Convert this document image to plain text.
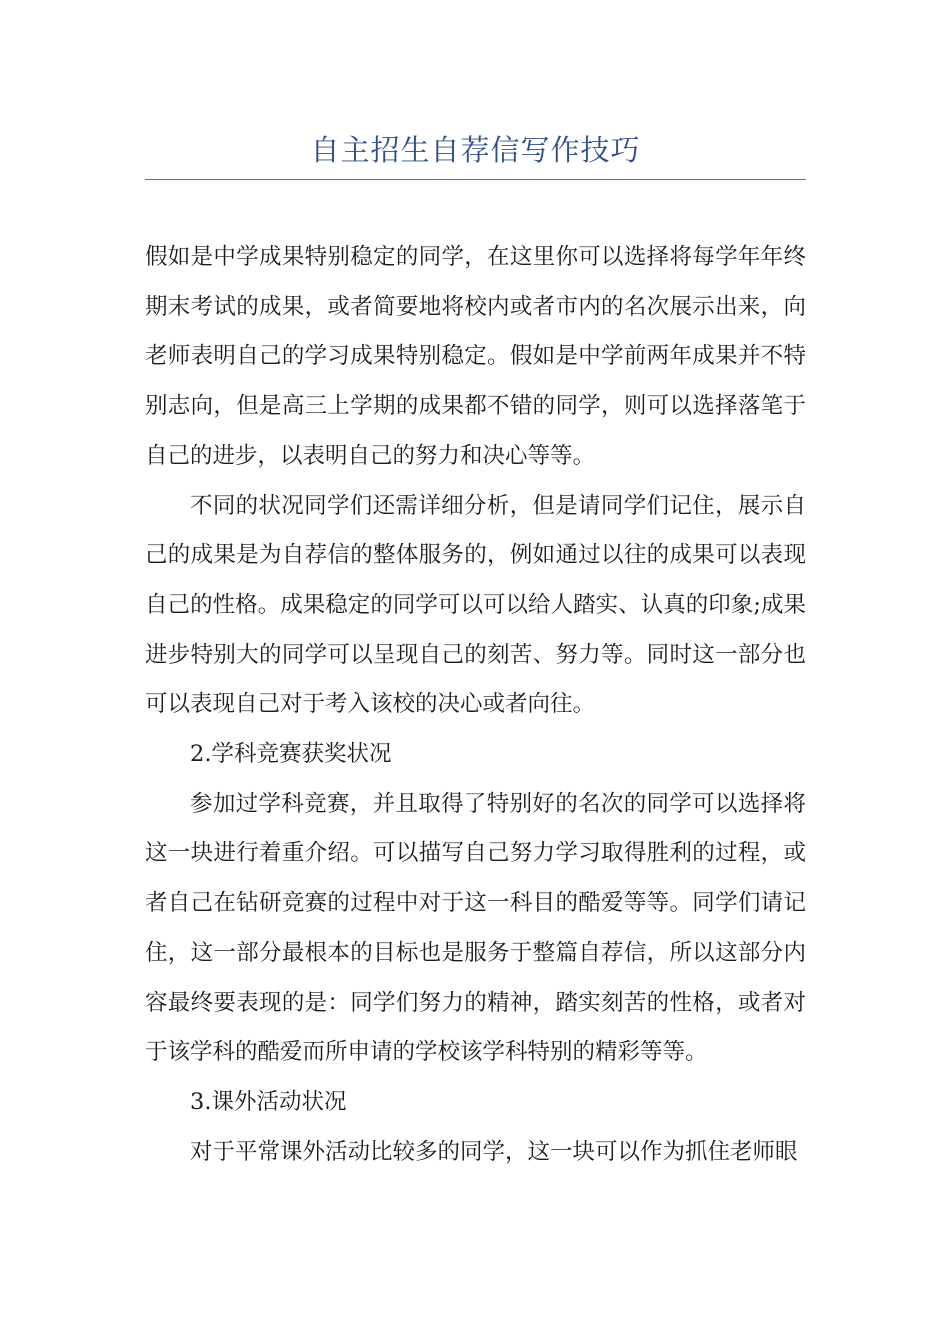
自主招生自荐信写作技巧

假如是中学成果特别稳定的同学，在这里你可以选择将每学年年终期末考试的成果，或者简要地将校内或者市内的名次展示出来，向老师表明自己的学习成果特别稳定。假如是中学前两年成果并不特别志向，但是高三上学期的成果都不错的同学，则可以选择落笔于自己的进步，以表明自己的努力和决心等等。

不同的状况同学们还需详细分析，但是请同学们记住，展示自己的成果是为自荐信的整体服务的，例如通过以往的成果可以表现自己的性格。成果稳定的同学可以可以给人踏实、认真的印象;成果进步特别大的同学可以呈现自己的刻苦、努力等。同时这一部分也可以表现自己对于考入该校的决心或者向往。

2.学科竞赛获奖状况

参加过学科竞赛，并且取得了特别好的名次的同学可以选择将这一块进行着重介绍。可以描写自己努力学习取得胜利的过程，或者自己在钻研竞赛的过程中对于这一科目的酷爱等等。同学们请记住，这一部分最根本的目标也是服务于整篇自荐信，所以这部分内容最终要表现的是：同学们努力的精神，踏实刻苦的性格，或者对于该学科的酷爱而所申请的学校该学科特别的精彩等等。

3.课外活动状况

对于平常课外活动比较多的同学，这一块可以作为抓住老师眼
